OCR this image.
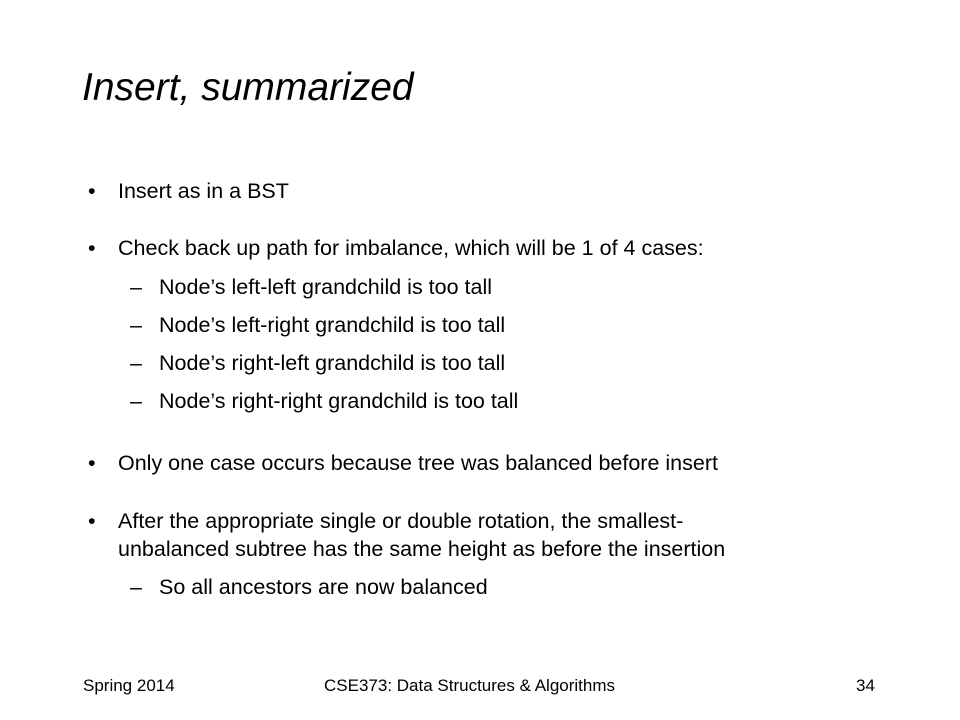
Insert, summarized
• Insert as in a BST
• Check back up path for imbalance, which will be 1 of 4 cases:
– Node’s left-left grandchild is too tall
– Node’s left-right grandchild is too tall
– Node’s right-left grandchild is too tall
– Node’s right-right grandchild is too tall
• Only one case occurs because tree was balanced before insert
• After the appropriate single or double rotation, the smallest-
unbalanced subtree has the same height as before the insertion
– So all ancestors are now balanced
Spring 2014	CSE373: Data Structures & Algorithms	34
